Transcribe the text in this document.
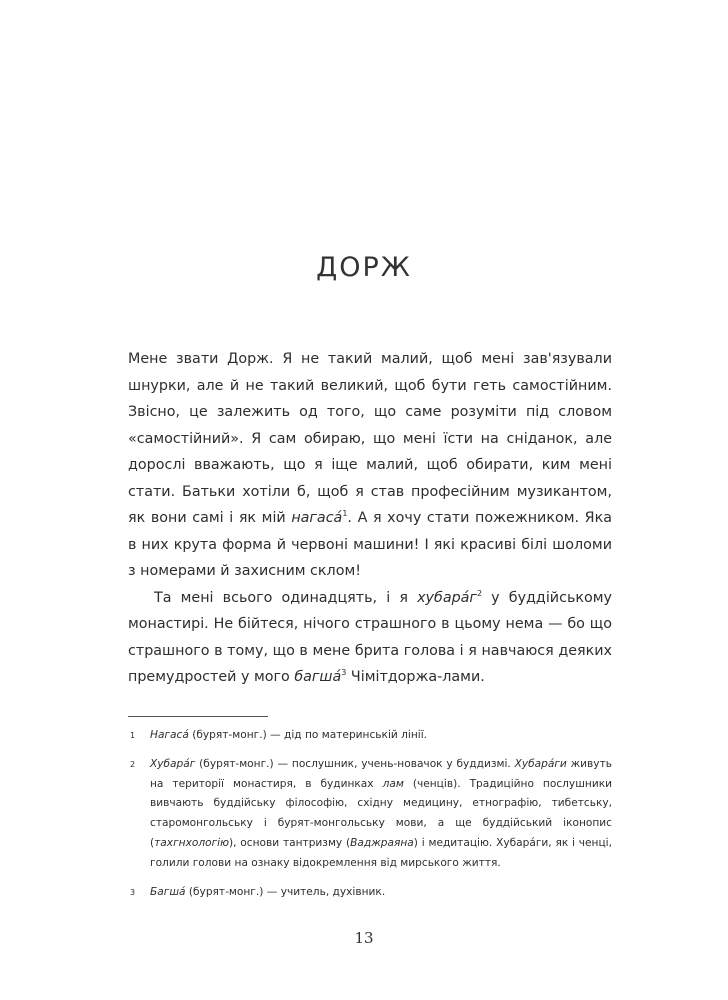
ДОРЖ

Мене звати Дорж. Я не такий малий, щоб мені зав'язували шнурки, але й не такий великий, щоб бути геть самостійним. Звісно, це залежить од того, що саме розуміти під словом «самостійний». Я сам обираю, що мені їсти на сніданок, але дорослі вважають, що я іще малий, щоб обирати, ким мені стати. Батьки хотіли б, щоб я став професійним музикантом, як вони самі і як мій нагасá$^1$. А я хочу стати пожежником. Яка в них крута форма й червоні машини! І які красиві білі шоломи з номерами й захисним склом!

Та мені всього одинадцять, і я хубарáг$^2$ у буддійському монастирі. Не бійтеся, нічого страшного в цьому нема — бо що страшного в тому, що в мене брита голова і я навчаюся деяких премудростей у мого багшá$^3$ Чімітдоржа-лами.

1 Нагасá (бурят-монг.) — дід по материнській лінії.

2 Хубарáг (бурят-монг.) — послушник, учень-новачок у буддизмі. Хубарáги живуть на території монастиря, в будинках лам (ченців). Традиційно послушники вивчають буддійську філософію, східну медицину, етнографію, тибетську, старомонгольську і бурят-монгольську мови, а ще буддійський іконопис (тахгнхологію), основи тантризму (Ваджраяна) і медитацію. Хубарáги, як і ченці, голили голови на ознаку відокремлення від мирського життя.

3 Багшá (бурят-монг.) — учитель, духівник.

13
